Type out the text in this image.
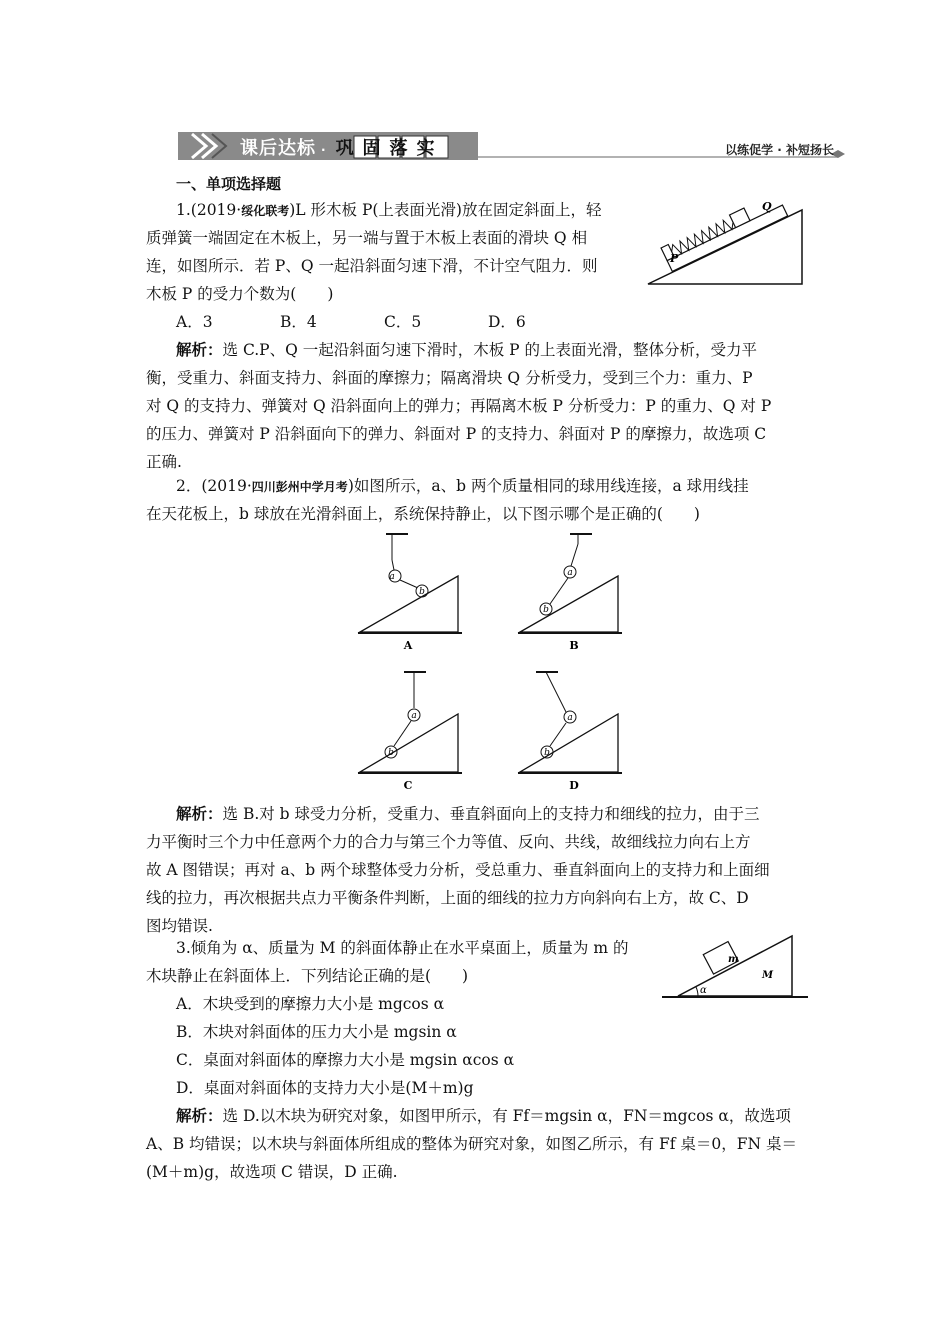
课后达标 · 巩固落实	以练促学 · 补短扬长
一、单项选择题
1.(2019·绥化联考)L 形木板 P(上表面光滑)放在固定斜面上，轻
质弹簧一端固定在木板上，另一端与置于木板上表面的滑块 Q 相
连，如图所示．若 P、Q 一起沿斜面匀速下滑，不计空气阻力．则
木板 P 的受力个数为(　　)
A．3	B．4	C．5	D．6
P
Q
解析：选 C.P、Q 一起沿斜面匀速下滑时，木板 P 的上表面光滑，整体分析，受力平
衡，受重力、斜面支持力、斜面的摩擦力；隔离滑块 Q 分析受力，受到三个力：重力、P
对 Q 的支持力、弹簧对 Q 沿斜面向上的弹力；再隔离木板 P 分析受力：P 的重力、Q 对 P
的压力、弹簧对 P 沿斜面向下的弹力、斜面对 P 的支持力、斜面对 P 的摩擦力，故选项 C
正确.
2．(2019·四川彭州中学月考)如图所示，a、b 两个质量相同的球用线连接，a 球用线挂
在天花板上，b 球放在光滑斜面上，系统保持静止，以下图示哪个是正确的(　　)
a
b
A
a
b
B
a
b
C
a
b
D
解析：选 B.对 b 球受力分析，受重力、垂直斜面向上的支持力和细线的拉力，由于三
力平衡时三个力中任意两个力的合力与第三个力等值、反向、共线，故细线拉力向右上方
故 A 图错误；再对 a、b 两个球整体受力分析，受总重力、垂直斜面向上的支持力和上面细
线的拉力，再次根据共点力平衡条件判断，上面的细线的拉力方向斜向右上方，故 C、D
图均错误.
3.倾角为 α、质量为 M 的斜面体静止在水平桌面上，质量为 m 的
木块静止在斜面体上．下列结论正确的是(　　)
A．木块受到的摩擦力大小是 mgcos α
B．木块对斜面体的压力大小是 mgsin α
C．桌面对斜面体的摩擦力大小是 mgsin αcos α
D．桌面对斜面体的支持力大小是(M＋m)g
α
m
M
解析：选 D.以木块为研究对象，如图甲所示，有 Ff＝mgsin α，FN＝mgcos α，故选项
A、B 均错误；以木块与斜面体所组成的整体为研究对象，如图乙所示，有 Ff 桌＝0，FN 桌＝
(M＋m)g，故选项 C 错误，D 正确.
